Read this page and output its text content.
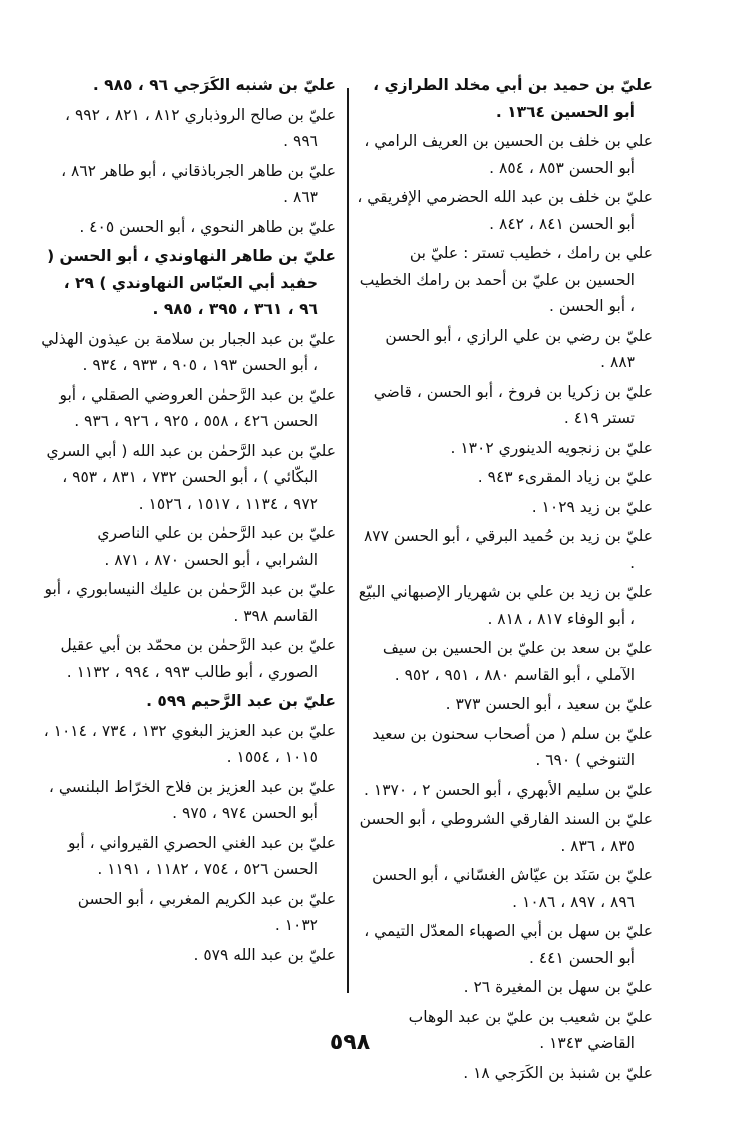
عليّ بن حميد بن أبي مخلد الطرازي ، أبو الحسين ١٣٦٤ .

علي بن خلف بن الحسين بن العريف الرامي ، أبو الحسن ٨٥٣ ، ٨٥٤ .

عليّ بن خلف بن عبد الله الحضرمي الإفريقي ، أبو الحسن ٨٤١ ، ٨٤٢ .

علي بن رامك ، خطيب تستر : عليّ بن الحسين بن عليّ بن أحمد بن رامك الخطيب ، أبو الحسن .

عليّ بن رضي بن علي الرازي ، أبو الحسن ٨٨٣ .

عليّ بن زكريا بن فروخ ، أبو الحسن ، قاضي تستر ٤١٩ .

عليّ بن زنجويه الدينوري ١٣٠٢ .

عليّ بن زياد المقرىء ٩٤٣ .

عليّ بن زيد ١٠٢٩ .

عليّ بن زيد بن حُميد البرقي ، أبو الحسن ٨٧٧ .

عليّ بن زيد بن علي بن شهريار الإصبهاني البيّع ، أبو الوفاء ٨١٧ ، ٨١٨ .

عليّ بن سعد بن عليّ بن الحسين بن سيف الآملي ، أبو القاسم ٨٨٠ ، ٩٥١ ، ٩٥٢ .

عليّ بن سعيد ، أبو الحسن ٣٧٣ .

عليّ بن سلم ( من أصحاب سحنون بن سعيد التنوخي ) ٦٩٠ .

عليّ بن سليم الأبهري ، أبو الحسن ٢ ، ١٣٧٠ .

عليّ بن السند الفارقي الشروطي ، أبو الحسن ٨٣٥ ، ٨٣٦ .

عليّ بن سَنَد بن عيّاش الغسّاني ، أبو الحسن ٨٩٦ ، ٨٩٧ ، ١٠٨٦ .

عليّ بن سهل بن أبي الصهباء المعدّل التيمي ، أبو الحسن ٤٤١ .

عليّ بن سهل بن المغيرة ٢٦ .

عليّ بن شعيب بن عليّ بن عبد الوهاب القاضي ١٣٤٣ .

عليّ بن شنبذ بن الكَرَجي ١٨ .

عليّ بن شنبه الكَرَجي ٩٦ ، ٩٨٥ .

عليّ بن صالح الروذباري ٨١٢ ، ٨٢١ ، ٩٩٢ ، ٩٩٦ .

عليّ بن طاهر الجرباذقاني ، أبو طاهر ٨٦٢ ، ٨٦٣ .

عليّ بن طاهر النحوي ، أبو الحسن ٤٠٥ .

عليّ بن طاهر النهاوندي ، أبو الحسن ( حفيد أبي العبّاس النهاوندي ) ٢٩ ، ٩٦ ، ٣٦١ ، ٣٩٥ ، ٩٨٥ .

عليّ بن عبد الجبار بن سلامة بن عيذون الهذلي ، أبو الحسن ١٩٣ ، ٩٠٥ ، ٩٣٣ ، ٩٣٤ .

عليّ بن عبد الرَّحمٰن العروضي الصقلي ، أبو الحسن ٤٢٦ ، ٥٥٨ ، ٩٢٥ ، ٩٢٦ ، ٩٣٦ .

عليّ بن عبد الرَّحمٰن بن عبد الله ( أبي السري البكّائي ) ، أبو الحسن ٧٣٢ ، ٨٣١ ، ٩٥٣ ، ٩٧٢ ، ١١٣٤ ، ١٥١٧ ، ١٥٢٦ .

عليّ بن عبد الرَّحمٰن بن علي الناصري الشرابي ، أبو الحسن ٨٧٠ ، ٨٧١ .

عليّ بن عبد الرَّحمٰن بن عليك النيسابوري ، أبو القاسم ٣٩٨ .

عليّ بن عبد الرَّحمٰن بن محمّد بن أبي عقيل الصوري ، أبو طالب ٩٩٣ ، ٩٩٤ ، ١١٣٢ .

عليّ بن عبد الرَّحيم ٥٩٩ .

عليّ بن عبد العزيز البغوي ١٣٢ ، ٧٣٤ ، ١٠١٤ ، ١٠١٥ ، ١٥٥٤ .

عليّ بن عبد العزيز بن فلاح الخرّاط البلنسي ، أبو الحسن ٩٧٤ ، ٩٧٥ .

عليّ بن عبد الغني الحصري القيرواني ، أبو الحسن ٥٢٦ ، ٧٥٤ ، ١١٨٢ ، ١١٩١ .

عليّ بن عبد الكريم المغربي ، أبو الحسن ١٠٣٢ .

عليّ بن عبد الله ٥٧٩ .

٥٩٨
